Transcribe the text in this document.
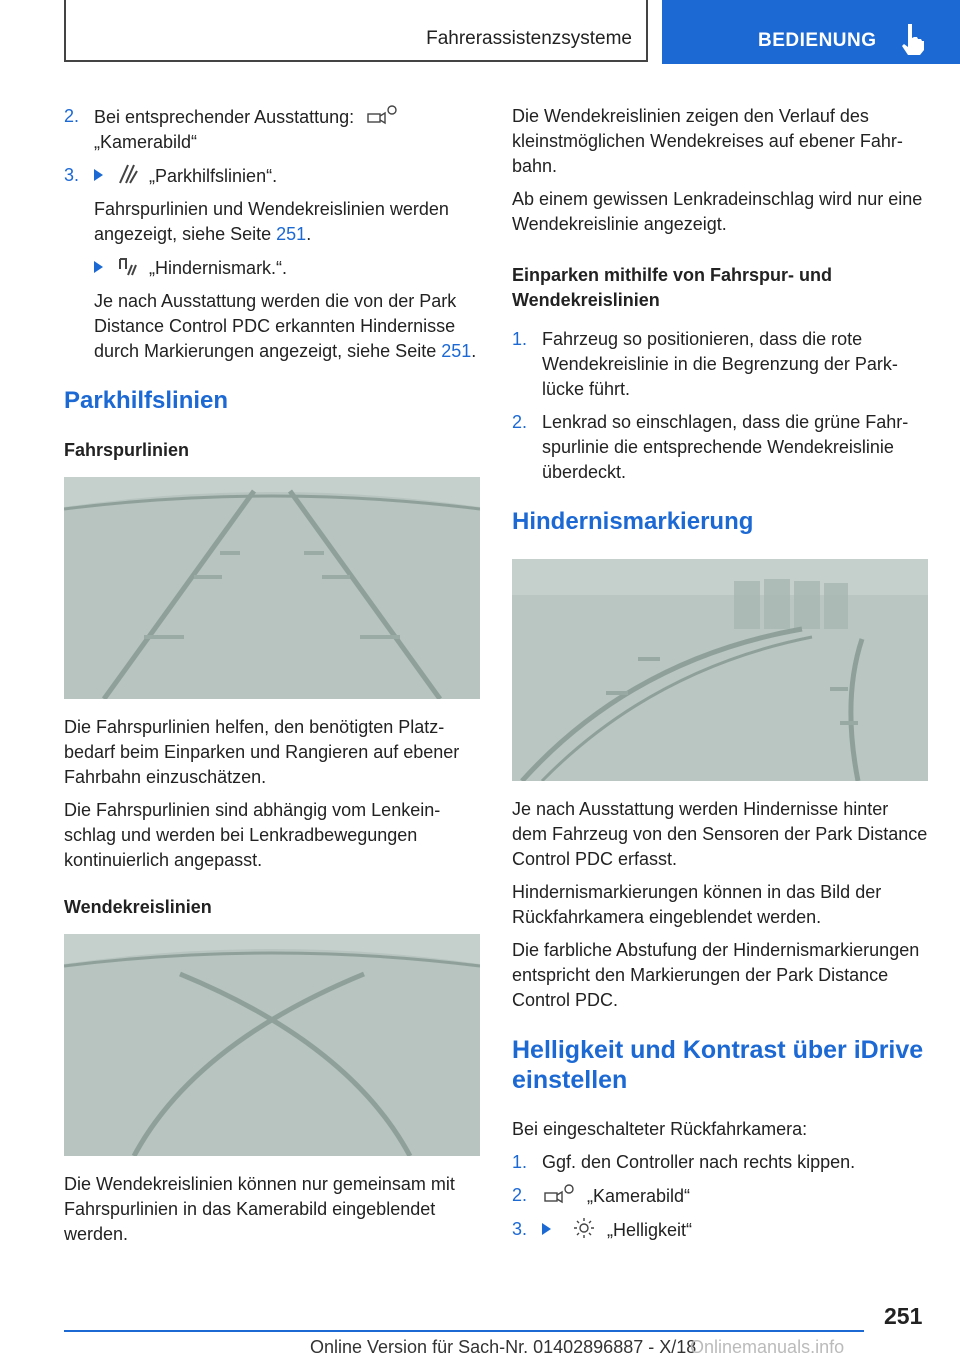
Fahrerassistenzsysteme	BEDIENUNG
2. Bei entsprechender Ausstattung:
„Kamerabild“
3.	„Parkhilfslinien“.
Fahrspurlinien und Wendekreislinien werden angezeigt, siehe Seite 251.
„Hindernismark.“.
Je nach Ausstattung werden die von der Park Distance Control PDC erkannten Hindernisse durch Markierungen angezeigt, siehe Seite 251.
Parkhilfslinien
Fahrspurlinien

Die Fahrspurlinien helfen, den benötigten Platzbedarf beim Einparken und Rangieren auf ebener Fahrbahn einzuschätzen.

Die Fahrspurlinien sind abhängig vom Lenkeinschlag und werden bei Lenkradbewegungen kontinuierlich angepasst.

Wendekreislinien

Die Wendekreislinien können nur gemeinsam mit Fahrspurlinien in das Kamerabild eingeblendet werden.

Die Wendekreislinien zeigen den Verlauf des kleinstmöglichen Wendekreises auf ebener Fahrbahn.

Ab einem gewissen Lenkradeinschlag wird nur eine Wendekreislinie angezeigt.

Einparken mithilfe von Fahrspur- und Wendekreislinien
1. Fahrzeug so positionieren, dass die rote Wendekreislinie in die Begrenzung der Parklücke führt.
2. Lenkrad so einschlagen, dass die grüne Fahrspurlinie die entsprechende Wendekreislinie überdeckt.
Hindernismarkierung

Je nach Ausstattung werden Hindernisse hinter dem Fahrzeug von den Sensoren der Park Distance Control PDC erfasst.

Hindernismarkierungen können in das Bild der Rückfahrkamera eingeblendet werden.

Die farbliche Abstufung der Hindernismarkierungen entspricht den Markierungen der Park Distance Control PDC.

Helligkeit und Kontrast über iDrive einstellen

Bei eingeschalteter Rückfahrkamera:

1. Ggf. den Controller nach rechts kippen.
2.	„Kamerabild“
3.	„Helligkeit“
251
Online Version für Sach-Nr. 01402896887 - X/18
Onlinemanuals.info
